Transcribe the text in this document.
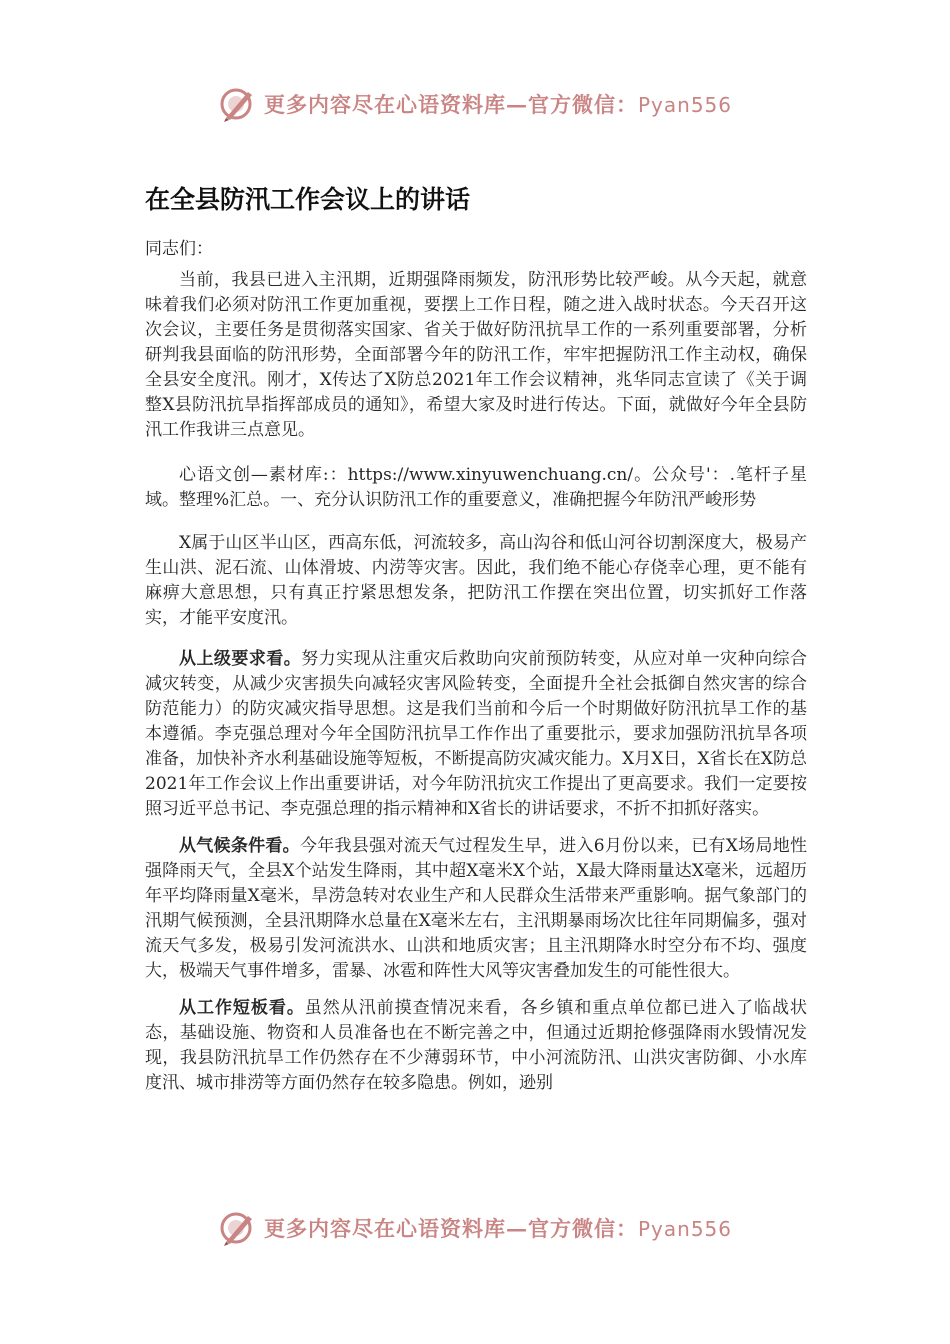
更多内容尽在心语资料库—官方微信：Pyan556
在全县防汛工作会议上的讲话

同志们：

当前，我县已进入主汛期，近期强降雨频发，防汛形势比较严峻。从今天起，就意味着我们必须对防汛工作更加重视，要摆上工作日程，随之进入战时状态。今天召开这次会议，主要任务是贯彻落实国家、省关于做好防汛抗旱工作的一系列重要部署，分析研判我县面临的防汛形势，全面部署今年的防汛工作，牢牢把握防汛工作主动权，确保全县安全度汛。刚才，X传达了X防总2021年工作会议精神，兆华同志宣读了《关于调整X县防汛抗旱指挥部成员的通知》，希望大家及时进行传达。下面，就做好今年全县防汛工作我讲三点意见。

心语文创—素材库:：https://www.xinyuwenchuang.cn/。公众号'：.笔杆子星域。整理%汇总。一、充分认识防汛工作的重要意义，准确把握今年防汛严峻形势

X属于山区半山区，西高东低，河流较多，高山沟谷和低山河谷切割深度大，极易产生山洪、泥石流、山体滑坡、内涝等灾害。因此，我们绝不能心存侥幸心理，更不能有麻痹大意思想，只有真正拧紧思想发条，把防汛工作摆在突出位置，切实抓好工作落实，才能平安度汛。

从上级要求看。努力实现从注重灾后救助向灾前预防转变，从应对单一灾种向综合减灾转变，从减少灾害损失向减轻灾害风险转变，全面提升全社会抵御自然灾害的综合防范能力）的防灾减灾指导思想。这是我们当前和今后一个时期做好防汛抗旱工作的基本遵循。李克强总理对今年全国防汛抗旱工作作出了重要批示，要求加强防汛抗旱各项准备，加快补齐水利基础设施等短板，不断提高防灾减灾能力。X月X日，X省长在X防总2021年工作会议上作出重要讲话，对今年防汛抗灾工作提出了更高要求。我们一定要按照习近平总书记、李克强总理的指示精神和X省长的讲话要求，不折不扣抓好落实。

从气候条件看。今年我县强对流天气过程发生早，进入6月份以来，已有X场局地性强降雨天气，全县X个站发生降雨，其中超X毫米X个站，X最大降雨量达X毫米，远超历年平均降雨量X毫米，旱涝急转对农业生产和人民群众生活带来严重影响。据气象部门的汛期气候预测，全县汛期降水总量在X毫米左右，主汛期暴雨场次比往年同期偏多，强对流天气多发，极易引发河流洪水、山洪和地质灾害；且主汛期降水时空分布不均、强度大，极端天气事件增多，雷暴、冰雹和阵性大风等灾害叠加发生的可能性很大。

从工作短板看。虽然从汛前摸查情况来看，各乡镇和重点单位都已进入了临战状态，基础设施、物资和人员准备也在不断完善之中，但通过近期抢修强降雨水毁情况发现，我县防汛抗旱工作仍然存在不少薄弱环节，中小河流防汛、山洪灾害防御、小水库度汛、城市排涝等方面仍然存在较多隐患。例如，逊别

更多内容尽在心语资料库—官方微信：Pyan556
